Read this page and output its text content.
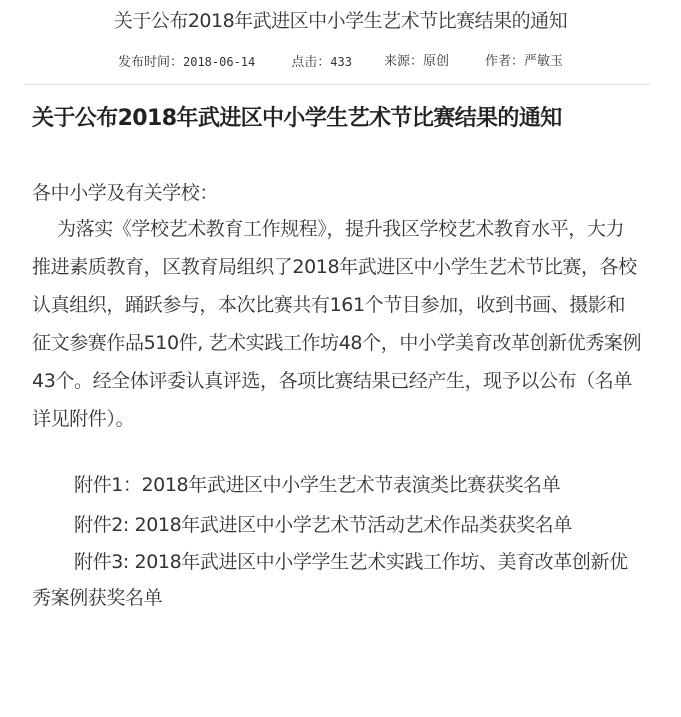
关于公布2018年武进区中小学生艺术节比赛结果的通知
发布时间：2018-06-14	点击：433 来源：原创	作者：严敏玉
关于公布2018年武进区中小学生艺术节比赛结果的通知
各中小学及有关学校：
为落实《学校艺术教育工作规程》，提升我区学校艺术教育水平，大力推进素质教育，区教育局组织了2018年武进区中小学生艺术节比赛，各校认真组织，踊跃参与，本次比赛共有161个节目参加，收到书画、摄影和征文参赛作品510件, 艺术实践工作坊48个，中小学美育改革创新优秀案例43个。经全体评委认真评选，各项比赛结果已经产生，现予以公布（名单详见附件）。
附件1：2018年武进区中小学生艺术节表演类比赛获奖名单
附件2: 2018年武进区中小学艺术节活动艺术作品类获奖名单
附件3: 2018年武进区中小学学生艺术实践工作坊、美育改革创新优秀案例获奖名单
